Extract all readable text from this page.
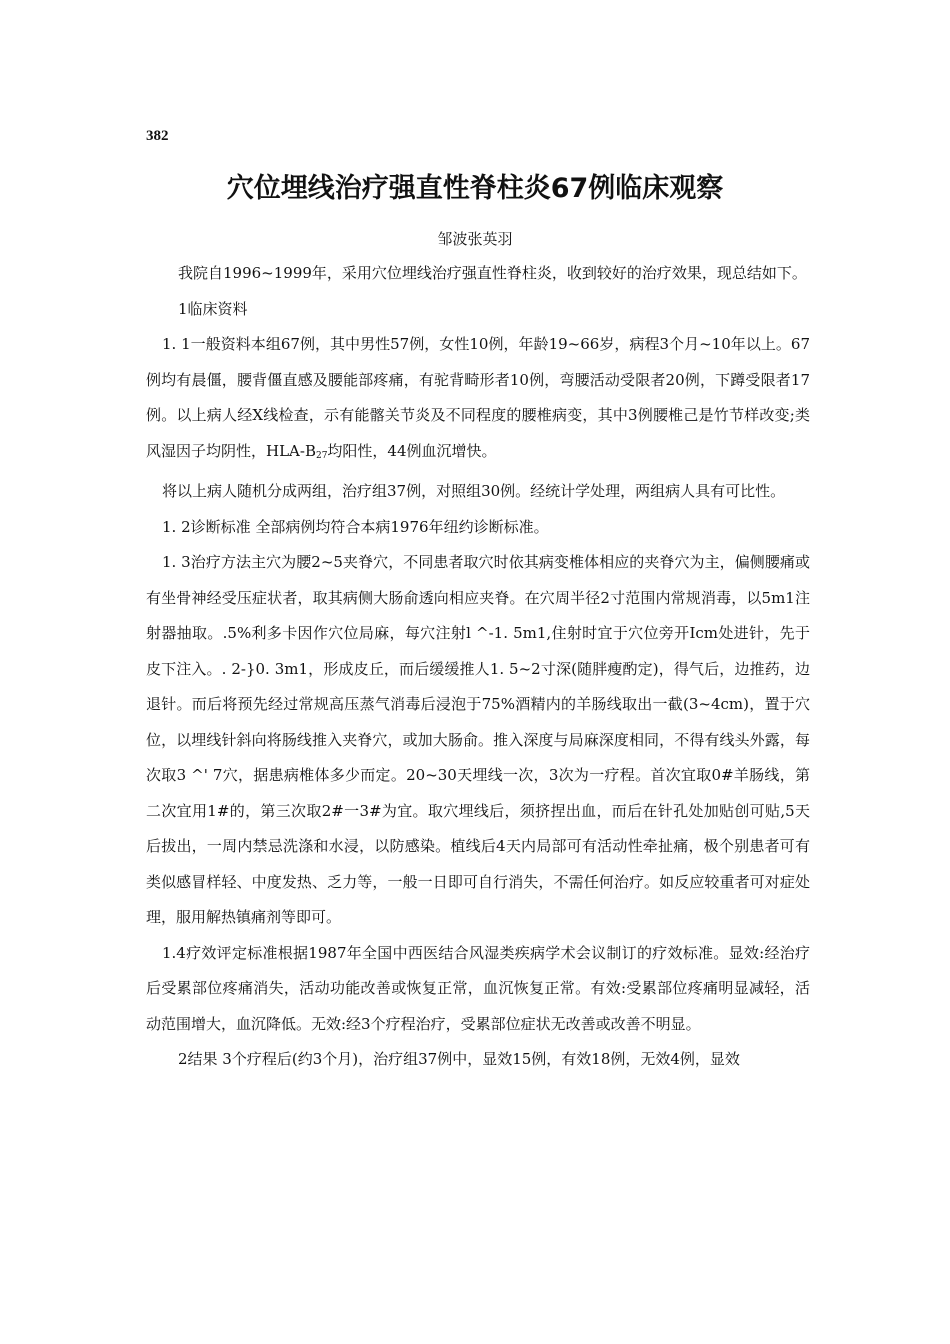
382
穴位埋线治疗强直性脊柱炎67例临床观察
邹波张英羽

我院自1996~1999年，采用穴位埋线治疗强直性脊柱炎，收到较好的治疗效果，现总结如下。

1临床资料

1. 1一般资料本组67例，其中男性57例，女性10例，年龄19~66岁，病程3个月~10年以上。67例均有晨僵，腰背僵直感及腰能部疼痛，有驼背畸形者10例，弯腰活动受限者20例，下蹲受限者17例。以上病人经X线检查，示有能髂关节炎及不同程度的腰椎病变，其中3例腰椎己是竹节样改变;类风湿因子均阴性，HLA-$B_{27}$均阳性，44例血沉增快。

将以上病人随机分成两组，治疗组37例，对照组30例。经统计学处理，两组病人具有可比性。

1. 2诊断标准 全部病例均符合本病1976年纽约诊断标准。

1. 3治疗方法主穴为腰2~5夹脊穴，不同患者取穴时依其病变椎体相应的夹脊穴为主，偏侧腰痛或有坐骨神经受压症状者，取其病侧大肠俞透向相应夹脊。在穴周半径2寸范围内常规消毒，以5m1注射器抽取。.5%利多卡因作穴位局麻，每穴注射l ^-1. 5m1,住射时宜于穴位旁开Icm处进针，先于皮下注入。. 2-}0. 3m1，形成皮丘，而后缓缓推人1. 5~2寸深(随胖瘦酌定)，得气后，边推药，边退针。而后将预先经过常规高压蒸气消毒后浸泡于75%酒精内的羊肠线取出一截(3~4cm)，置于穴位，以埋线针斜向将肠线推入夹脊穴，或加大肠俞。推入深度与局麻深度相同，不得有线头外露，每次取3 ^' 7穴，据患病椎体多少而定。20~30天埋线一次，3次为一疗程。首次宜取0#羊肠线，第二次宜用1#的，第三次取2#一3#为宜。取穴埋线后，须挤捏出血，而后在针孔处加贴创可贴,5天后拔出，一周内禁忌洗涤和水浸，以防感染。植线后4天内局部可有活动性牵扯痛，极个别患者可有类似感冒样轻、中度发热、乏力等，一般一日即可自行消失，不需任何治疗。如反应较重者可对症处理，服用解热镇痛剂等即可。

1.4疗效评定标准根据1987年全国中西医结合风湿类疾病学术会议制订的疗效标准。显效:经治疗后受累部位疼痛消失，活动功能改善或恢复正常，血沉恢复正常。有效:受累部位疼痛明显减轻，活动范围增大，血沉降低。无效:经3个疗程治疗，受累部位症状无改善或改善不明显。

2结果 3个疗程后(约3个月)，治疗组37例中，显效15例，有效18例，无效4例，显效
